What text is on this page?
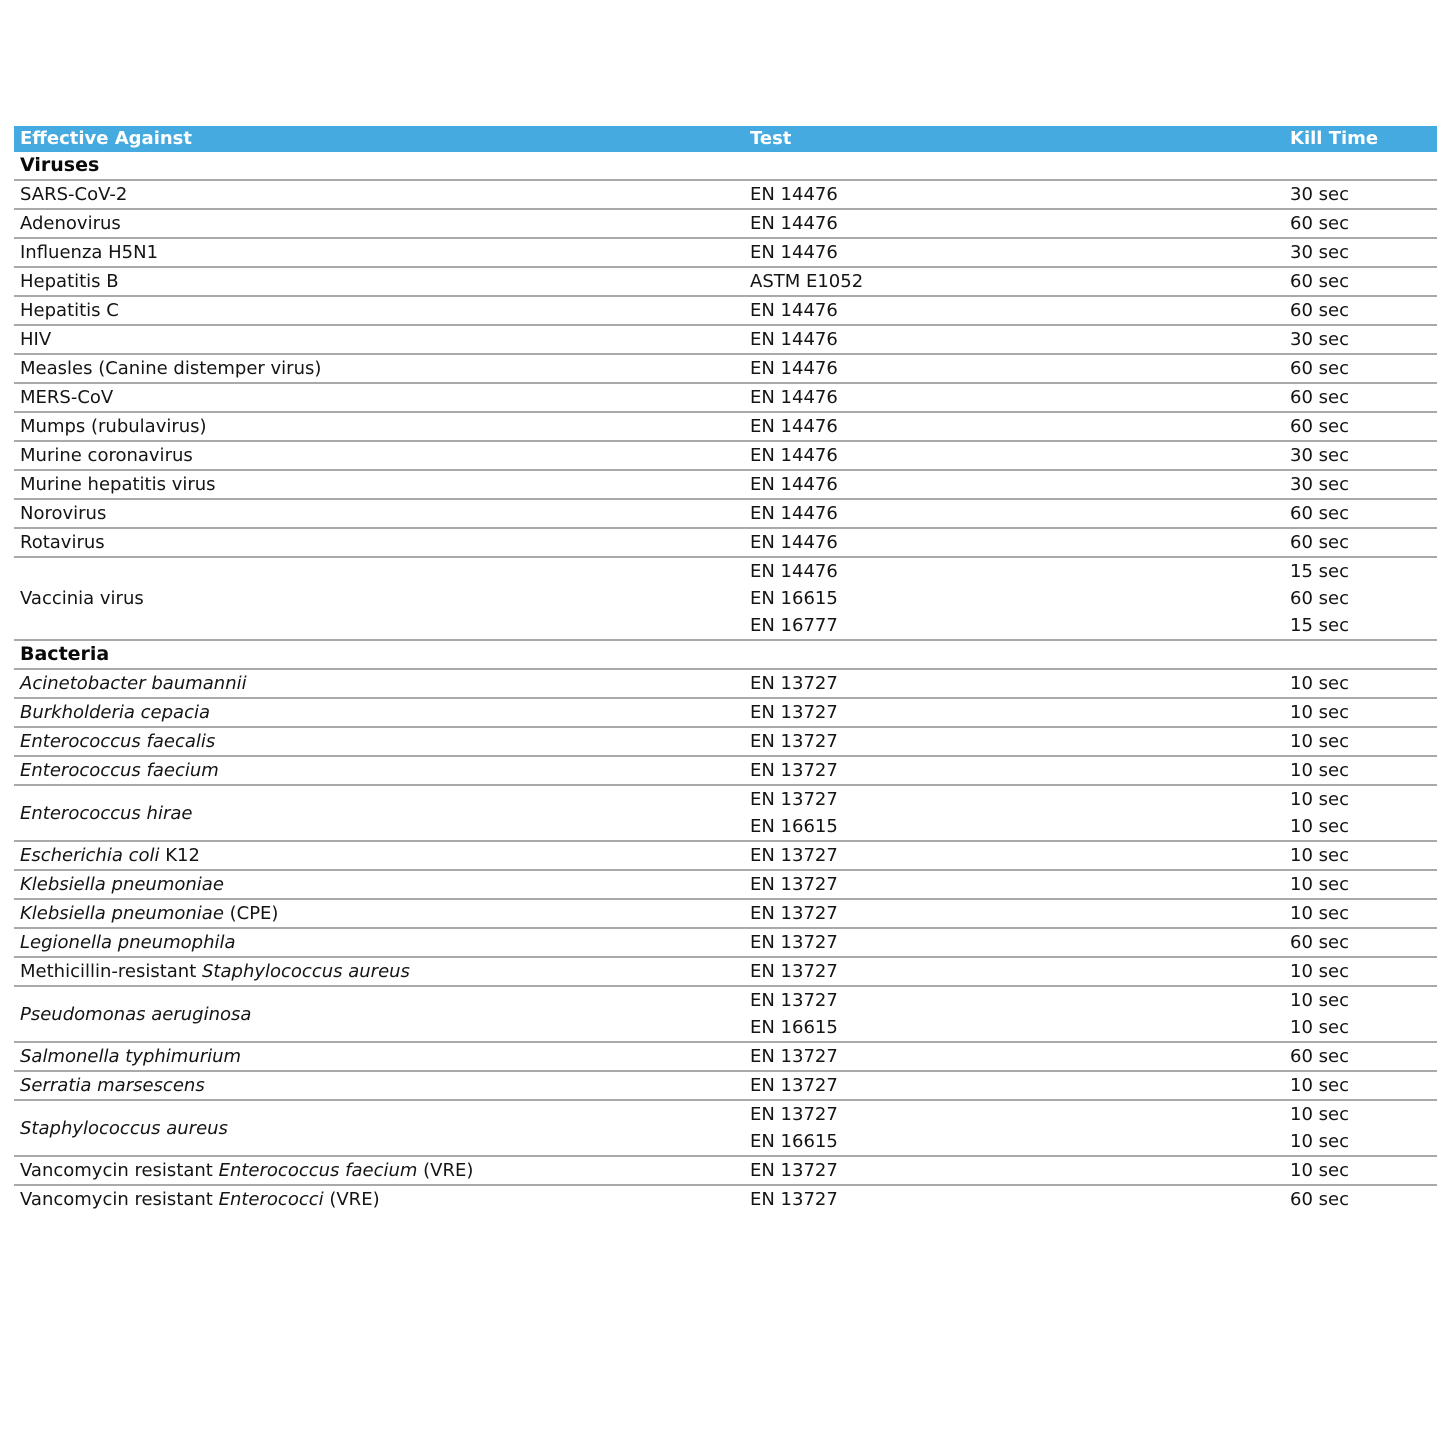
Effective Against	Test	Kill Time
Viruses		
SARS-CoV-2	EN 14476	30 sec
Adenovirus	EN 14476	60 sec
Influenza H5N1	EN 14476	30 sec
Hepatitis B	ASTM E1052	60 sec
Hepatitis C	EN 14476	60 sec
HIV	EN 14476	30 sec
Measles (Canine distemper virus)	EN 14476	60 sec
MERS-CoV	EN 14476	60 sec
Mumps (rubulavirus)	EN 14476	60 sec
Murine coronavirus	EN 14476	30 sec
Murine hepatitis virus	EN 14476	30 sec
Norovirus	EN 14476	60 sec
Rotavirus	EN 14476	60 sec
Vaccinia virus	EN 14476	15 sec
	EN 16615	60 sec
	EN 16777	15 sec
Bacteria		
Acinetobacter baumannii	EN 13727	10 sec
Burkholderia cepacia	EN 13727	10 sec
Enterococcus faecalis	EN 13727	10 sec
Enterococcus faecium	EN 13727	10 sec
Enterococcus hirae	EN 13727	10 sec
	EN 16615	10 sec
Escherichia coli K12	EN 13727	10 sec
Klebsiella pneumoniae	EN 13727	10 sec
Klebsiella pneumoniae (CPE)	EN 13727	10 sec
Legionella pneumophila	EN 13727	60 sec
Methicillin-resistant Staphylococcus aureus	EN 13727	10 sec
Pseudomonas aeruginosa	EN 13727	10 sec
	EN 16615	10 sec
Salmonella typhimurium	EN 13727	60 sec
Serratia marsescens	EN 13727	10 sec
Staphylococcus aureus	EN 13727	10 sec
	EN 16615	10 sec
Vancomycin resistant Enterococcus faecium (VRE)	EN 13727	10 sec
Vancomycin resistant Enterococci (VRE)	EN 13727	60 sec
